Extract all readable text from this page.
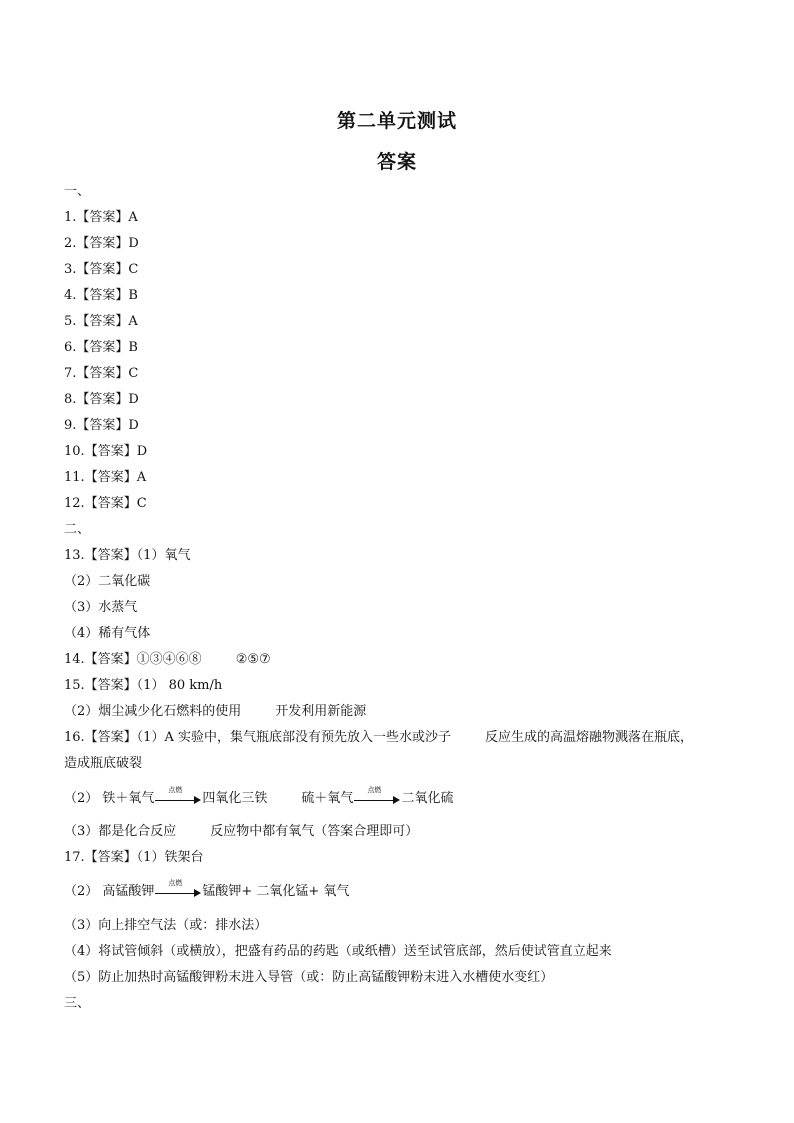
第二单元测试
答案
一、
1.【答案】A
2.【答案】D
3.【答案】C
4.【答案】B
5.【答案】A
6.【答案】B
7.【答案】C
8.【答案】D
9.【答案】D
10.【答案】D
11.【答案】A
12.【答案】C
二、
13.【答案】（1）氧气
（2）二氧化碳
（3）水蒸气
（4）稀有气体
14.【答案】①③④⑥⑧	②⑤⑦
15.【答案】（1） 80 km/h
（2）烟尘减少化石燃料的使用	开发利用新能源
16.【答案】（1）A 实验中，集气瓶底部没有预先放入一些水或沙子	反应生成的高温熔融物溅落在瓶底，
造成瓶底破裂
（2） 铁＋氧气
点燃
四氧化三铁	硫＋氧气
点燃
二氧化硫
（3）都是化合反应	反应物中都有氧气（答案合理即可）
17.【答案】（1）铁架台
（2） 高锰酸钾
点燃
锰酸钾+ 二氧化锰+ 氧气
（3）向上排空气法（或：排水法）
（4）将试管倾斜（或横放），把盛有药品的药匙（或纸槽）送至试管底部，然后使试管直立起来
（5）防止加热时高锰酸钾粉末进入导管（或：防止高锰酸钾粉末进入水槽使水变红）
三、
